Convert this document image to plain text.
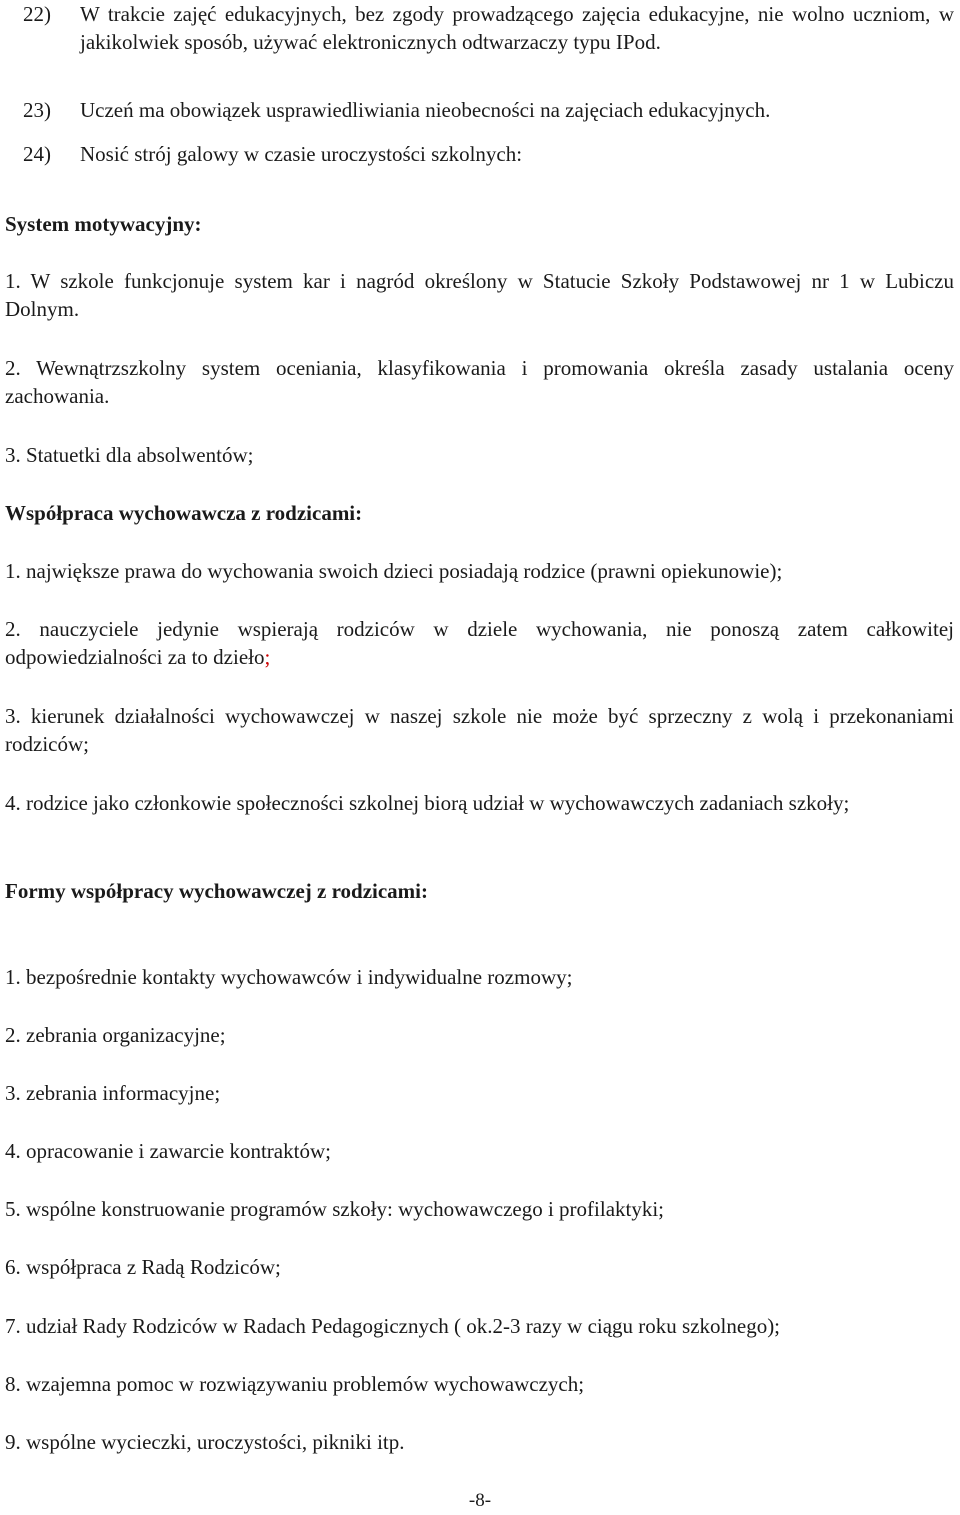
22)	W trakcie zajęć edukacyjnych, bez zgody prowadzącego zajęcia edukacyjne, nie wolno uczniom, w jakikolwiek sposób, używać elektronicznych odtwarzaczy typu IPod.
23)	Uczeń ma obowiązek usprawiedliwiania nieobecności na zajęciach edukacyjnych.
24)	Nosić strój galowy w czasie uroczystości szkolnych:
System motywacyjny:
1. W szkole funkcjonuje system kar i nagród określony w Statucie Szkoły Podstawowej nr 1 w Lubiczu Dolnym.
2. Wewnątrzszkolny system oceniania, klasyfikowania i promowania określa zasady ustalania oceny zachowania.
3. Statuetki dla absolwentów;
Współpraca wychowawcza z rodzicami:
1. największe prawa do wychowania swoich dzieci posiadają rodzice (prawni opiekunowie);
2. nauczyciele jedynie wspierają rodziców w dziele wychowania, nie ponoszą zatem całkowitej odpowiedzialności za to dzieło;
3. kierunek działalności wychowawczej w naszej szkole nie może być sprzeczny z wolą i przekonaniami rodziców;
4. rodzice jako członkowie społeczności szkolnej biorą udział w wychowawczych zadaniach szkoły;
Formy współpracy wychowawczej z rodzicami:
1. bezpośrednie kontakty wychowawców i indywidualne rozmowy;
2. zebrania organizacyjne;
3. zebrania informacyjne;
4. opracowanie i zawarcie kontraktów;
5. wspólne konstruowanie programów szkoły: wychowawczego i profilaktyki;
6. współpraca z Radą Rodziców;
7. udział Rady Rodziców w Radach Pedagogicznych ( ok.2-3 razy w ciągu roku szkolnego);
8. wzajemna pomoc w rozwiązywaniu problemów wychowawczych;
9. wspólne wycieczki, uroczystości, pikniki itp.
-8-
